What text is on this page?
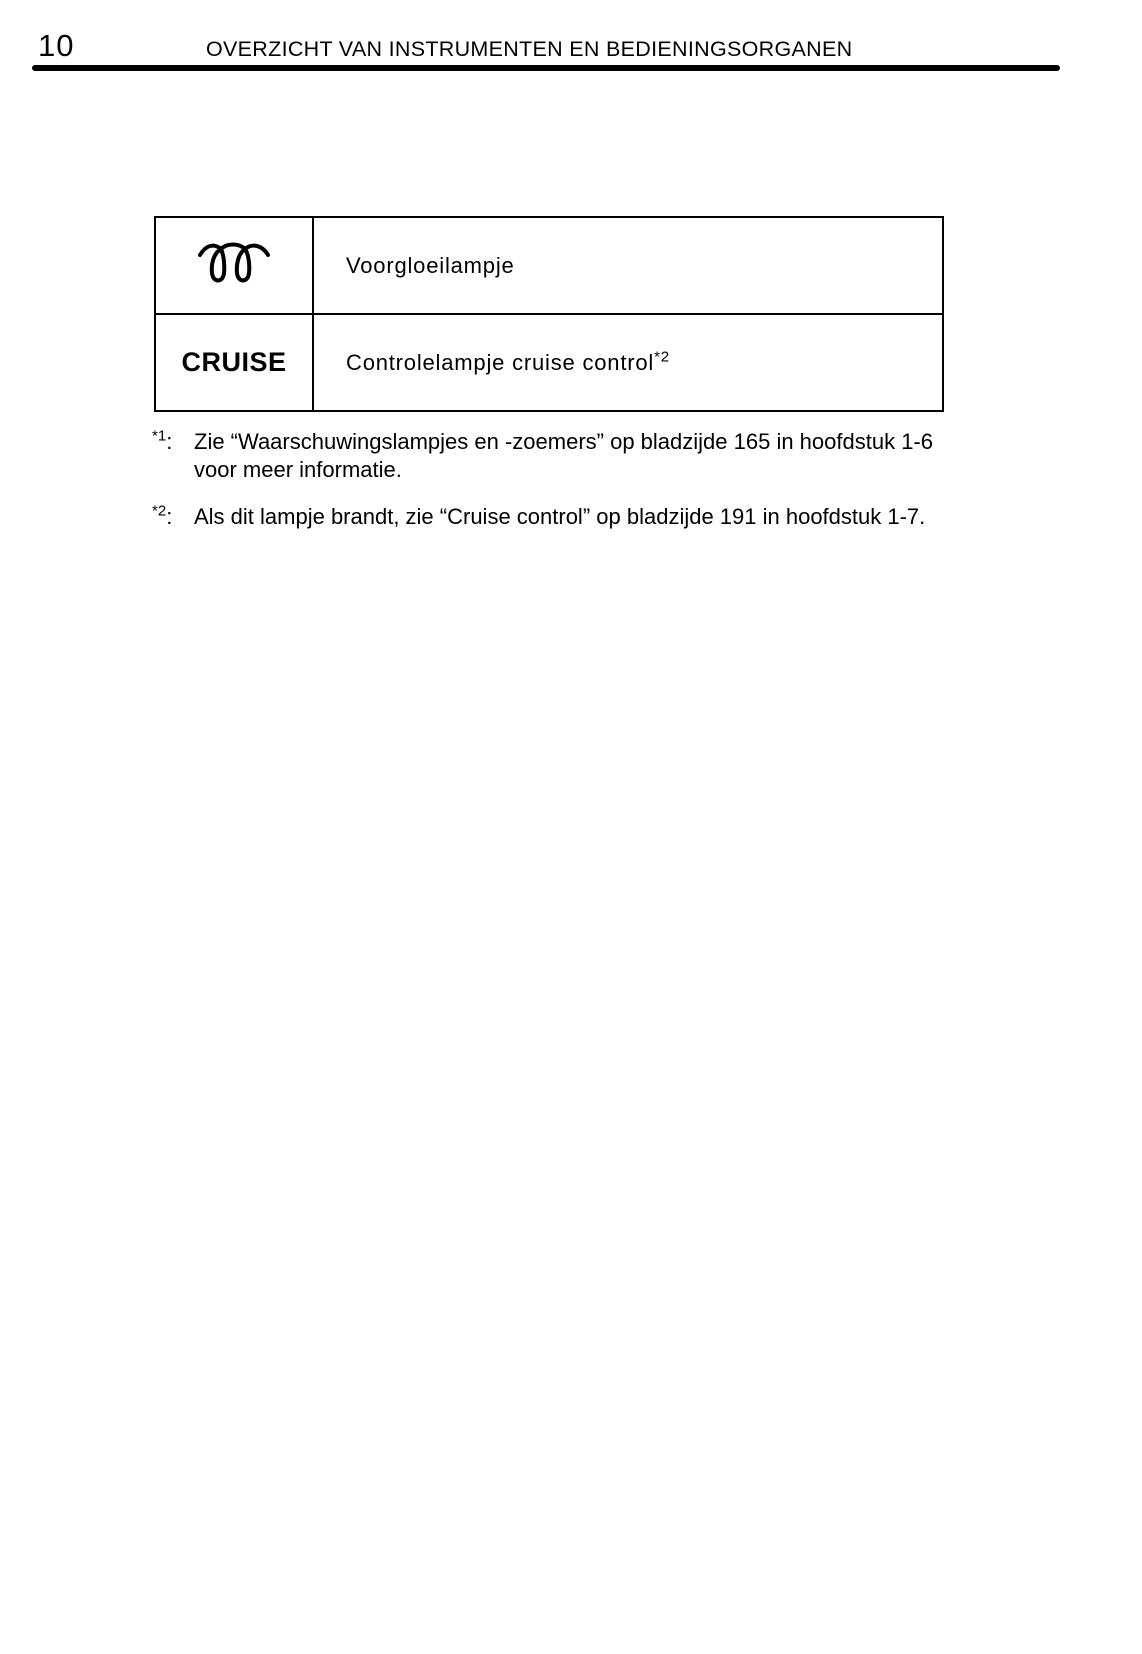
10	OVERZICHT VAN INSTRUMENTEN EN BEDIENINGSORGANEN
	Voorgloeilampje
CRUISE	Controlelampje cruise control$^{*2}$
$^{*1}$: Zie “Waarschuwingslampjes en -zoemers” op bladzijde 165 in hoofdstuk 1-6 voor meer informatie.
$^{*2}$: Als dit lampje brandt, zie “Cruise control” op bladzijde 191 in hoofdstuk 1-7.
